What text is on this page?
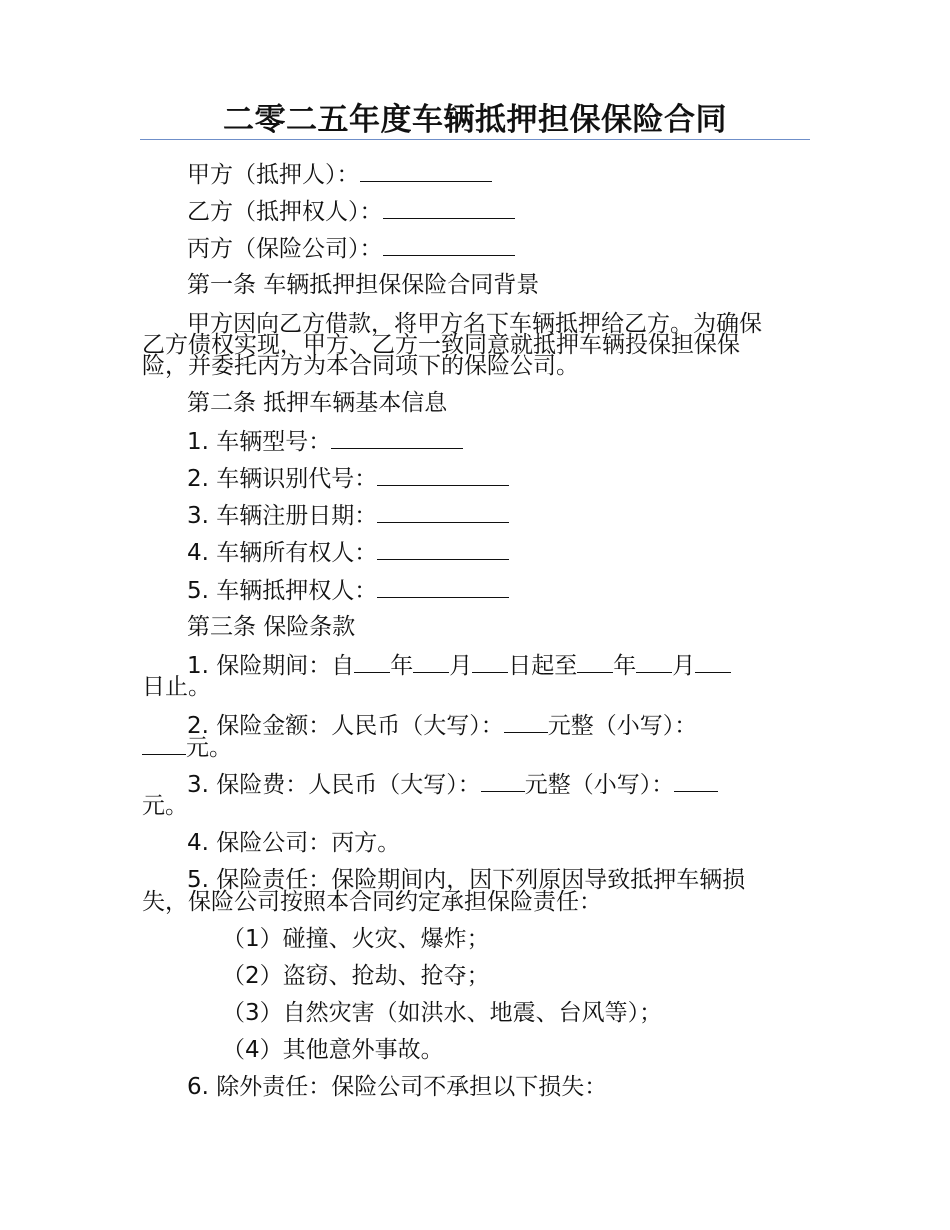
二零二五年度车辆抵押担保保险合同
甲方（抵押人）：
乙方（抵押权人）：
丙方（保险公司）：
第一条 车辆抵押担保保险合同背景
甲方因向乙方借款，将甲方名下车辆抵押给乙方。为确保
乙方债权实现，甲方、乙方一致同意就抵押车辆投保担保保
险，并委托丙方为本合同项下的保险公司。
第二条 抵押车辆基本信息
1. 车辆型号：
2. 车辆识别代号：
3. 车辆注册日期：
4. 车辆所有权人：
5. 车辆抵押权人：
第三条 保险条款
1. 保险期间：自 年 月 日起至 年 月
日止。
2. 保险金额：人民币（大写）： 元整（小写）：
元。
3. 保险费：人民币（大写）： 元整（小写）：
元。
4. 保险公司：丙方。
5. 保险责任：保险期间内，因下列原因导致抵押车辆损
失，保险公司按照本合同约定承担保险责任：
（1）碰撞、火灾、爆炸；
（2）盗窃、抢劫、抢夺；
（3）自然灾害（如洪水、地震、台风等）；
（4）其他意外事故。
6. 除外责任：保险公司不承担以下损失：
